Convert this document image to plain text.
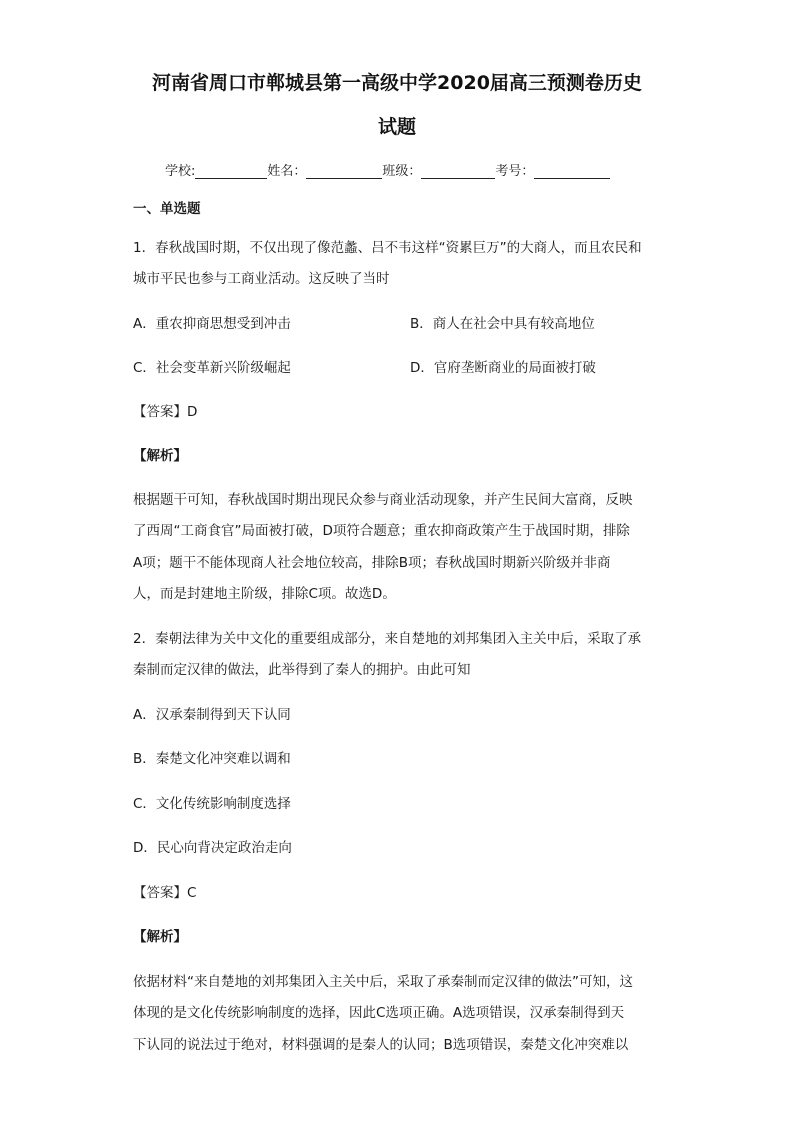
河南省周口市郸城县第一高级中学2020届高三预测卷历史
试题
学校:	姓名：	班级：	考号：
一、单选题
1．春秋战国时期，不仅出现了像范蠡、吕不韦这样“资累巨万”的大商人，而且农民和
城市平民也参与工商业活动。这反映了当时
A．重农抑商思想受到冲击	B．商人在社会中具有较高地位
C．社会变革新兴阶级崛起	D．官府垄断商业的局面被打破
【答案】D
【解析】
根据题干可知，春秋战国时期出现民众参与商业活动现象，并产生民间大富商，反映
了西周“工商食官”局面被打破，D项符合题意；重农抑商政策产生于战国时期，排除
A项；题干不能体现商人社会地位较高，排除B项；春秋战国时期新兴阶级并非商
人，而是封建地主阶级，排除C项。故选D。
2．秦朝法律为关中文化的重要组成部分，来自楚地的刘邦集团入主关中后，采取了承
秦制而定汉律的做法，此举得到了秦人的拥护。由此可知
A．汉承秦制得到天下认同
B．秦楚文化冲突难以调和
C．文化传统影响制度选择
D．民心向背决定政治走向
【答案】C
【解析】
依据材料“来自楚地的刘邦集团入主关中后，采取了承秦制而定汉律的做法”可知，这
体现的是文化传统影响制度的选择，因此C选项正确。A选项错误，汉承秦制得到天
下认同的说法过于绝对，材料强调的是秦人的认同；B选项错误，秦楚文化冲突难以
